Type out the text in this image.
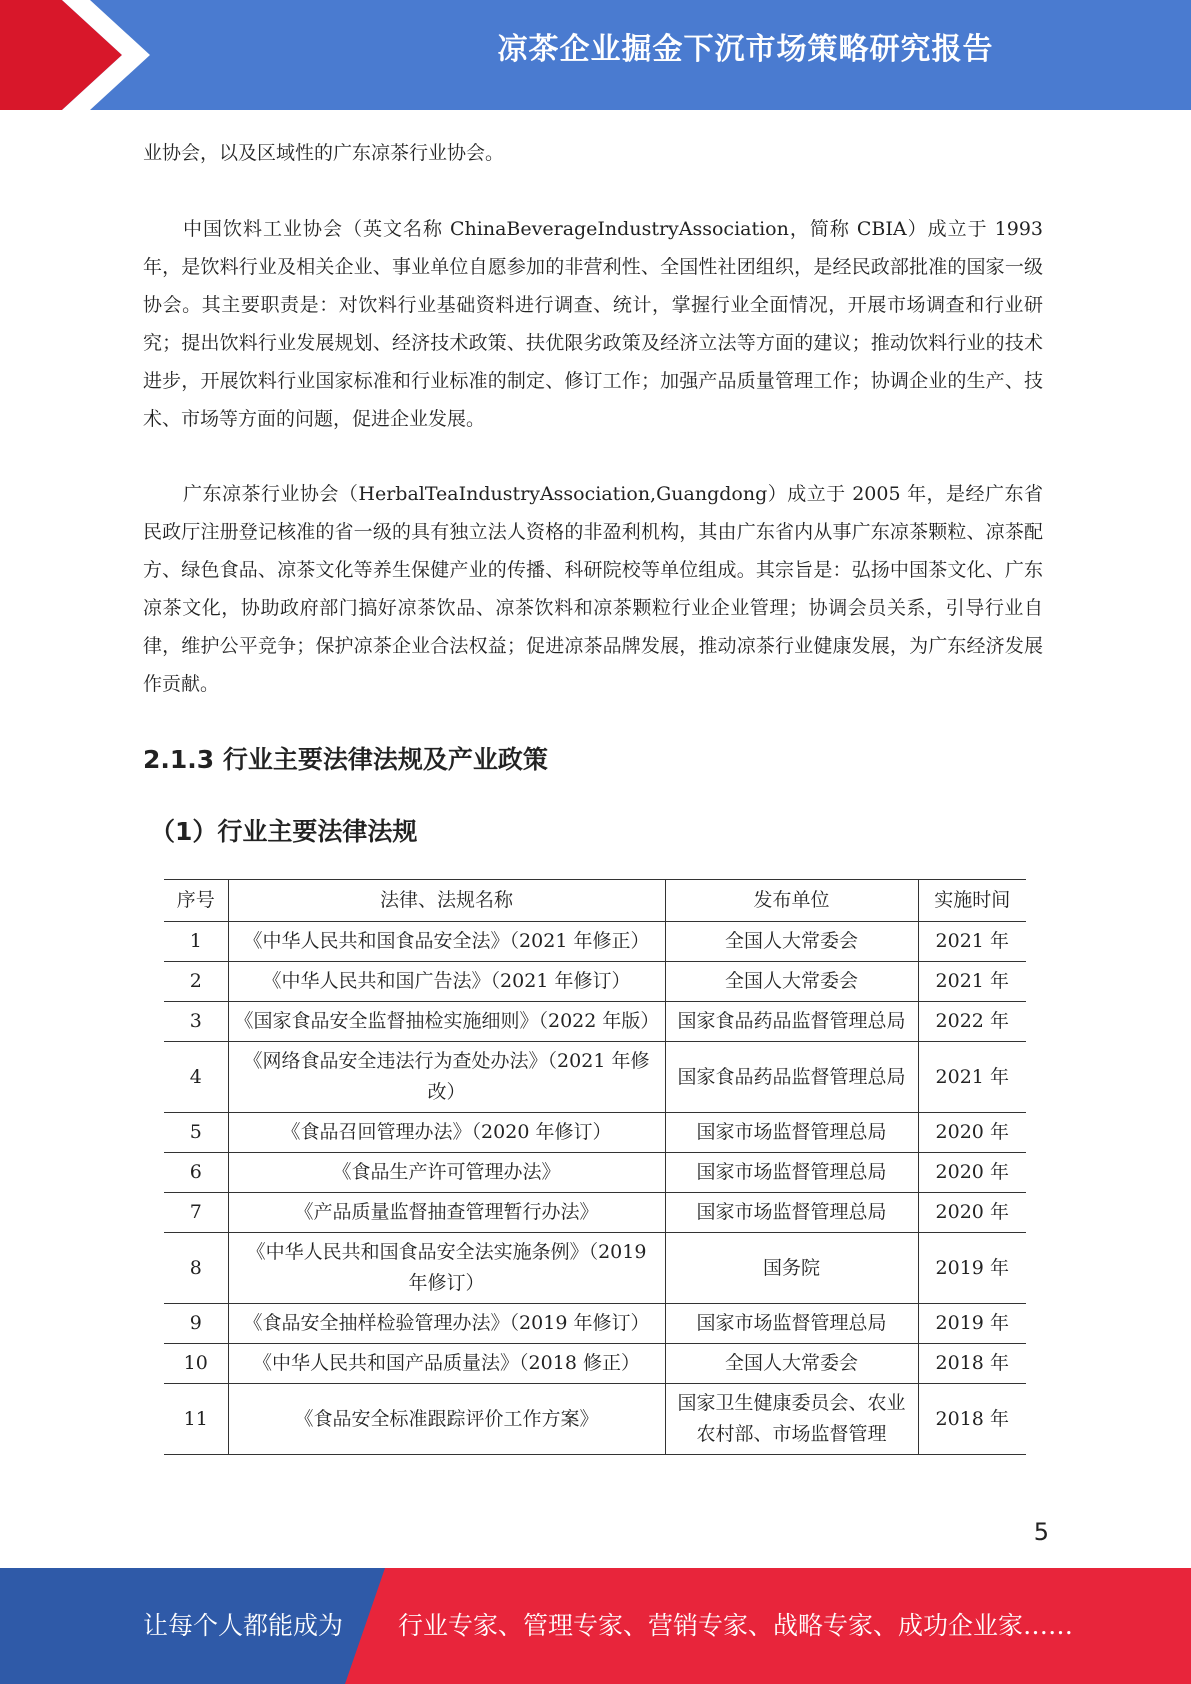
凉茶企业掘金下沉市场策略研究报告

业协会，以及区域性的广东凉茶行业协会。

中国饮料工业协会（英文名称 ChinaBeverageIndustryAssociation，简称 CBIA）成立于 1993 年，是饮料行业及相关企业、事业单位自愿参加的非营利性、全国性社团组织，是经民政部批准的国家一级协会。其主要职责是：对饮料行业基础资料进行调查、统计，掌握行业全面情况，开展市场调查和行业研究；提出饮料行业发展规划、经济技术政策、扶优限劣政策及经济立法等方面的建议；推动饮料行业的技术进步，开展饮料行业国家标准和行业标准的制定、修订工作；加强产品质量管理工作；协调企业的生产、技术、市场等方面的问题，促进企业发展。

广东凉茶行业协会（HerbalTeaIndustryAssociation,Guangdong）成立于 2005 年，是经广东省民政厅注册登记核准的省一级的具有独立法人资格的非盈利机构，其由广东省内从事广东凉茶颗粒、凉茶配方、绿色食品、凉茶文化等养生保健产业的传播、科研院校等单位组成。其宗旨是：弘扬中国茶文化、广东凉茶文化，协助政府部门搞好凉茶饮品、凉茶饮料和凉茶颗粒行业企业管理；协调会员关系，引导行业自律，维护公平竞争；保护凉茶企业合法权益；促进凉茶品牌发展，推动凉茶行业健康发展，为广东经济发展作贡献。

2.1.3 行业主要法律法规及产业政策
（1）行业主要法律法规
序号	法律、法规名称	发布单位	实施时间
1	《中华人民共和国食品安全法》（2021 年修正）	全国人大常委会	2021 年
2	《中华人民共和国广告法》（2021 年修订）	全国人大常委会	2021 年
3	《国家食品安全监督抽检实施细则》（2022 年版）	国家食品药品监督管理总局	2022 年
4	《网络食品安全违法行为查处办法》（2021 年修改）	国家食品药品监督管理总局	2021 年
5	《食品召回管理办法》（2020 年修订）	国家市场监督管理总局	2020 年
6	《食品生产许可管理办法》	国家市场监督管理总局	2020 年
7	《产品质量监督抽查管理暂行办法》	国家市场监督管理总局	2020 年
8	《中华人民共和国食品安全法实施条例》（2019 年修订）	国务院	2019 年
9	《食品安全抽样检验管理办法》（2019 年修订）	国家市场监督管理总局	2019 年
10	《中华人民共和国产品质量法》（2018 修正）	全国人大常委会	2018 年
11	《食品安全标准跟踪评价工作方案》	国家卫生健康委员会、农业农村部、市场监督管理	2018 年
5
让每个人都能成为 行业专家、管理专家、营销专家、战略专家、成功企业家……
